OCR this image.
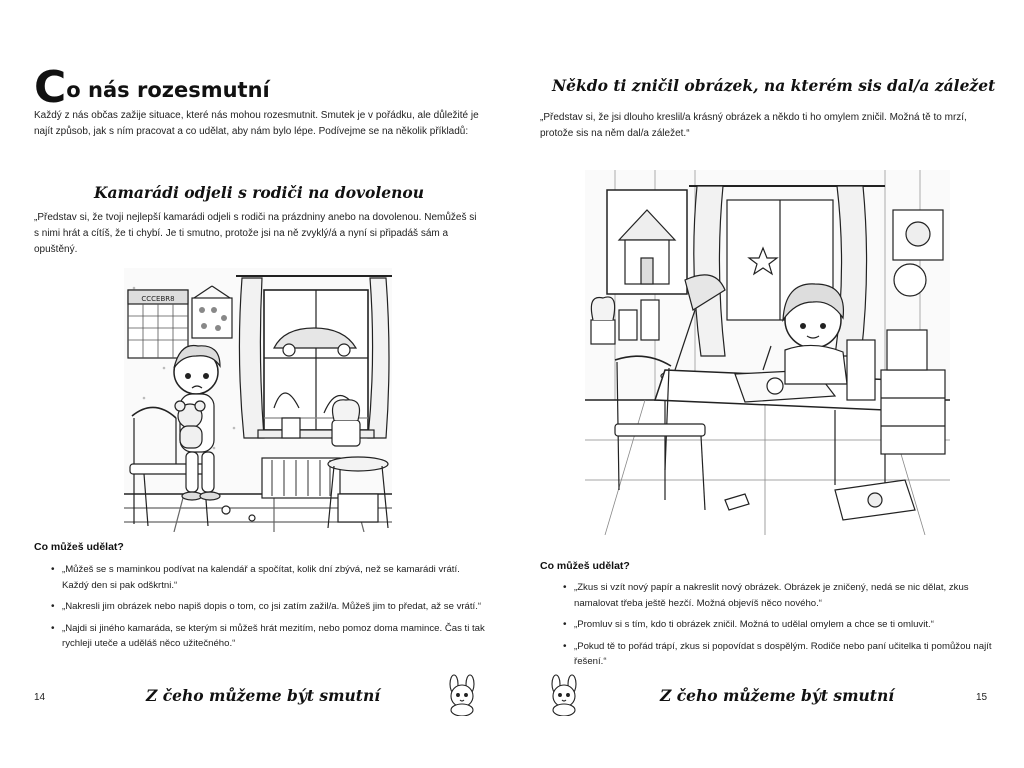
Co nás rozesmutní
Každý z nás občas zažije situace, které nás mohou rozesmutnit. Smutek je v pořádku, ale důležité je najít způsob, jak s ním pracovat a co udělat, aby nám bylo lépe. Podívejme se na několik příkladů:
Kamarádi odjeli s rodiči na dovolenou
„Představ si, že tvoji nejlepší kamarádi odjeli s rodiči na prázdniny anebo na dovolenou. Nemůžeš si s nimi hrát a cítíš, že ti chybí. Je ti smutno, protože jsi na ně zvyklý/á a nyní si připadáš sám a opuštěný.
CCCEBR8
Co můžeš udělat?
• „Můžeš se s maminkou podívat na kalendář a spočítat, kolik dní zbývá, než se kamarádi vrátí. Každý den si pak odškrtni.“
• „Nakresli jim obrázek nebo napiš dopis o tom, co jsi zatím zažil/a. Můžeš jim to předat, až se vrátí.“
• „Najdi si jiného kamaráda, se kterým si můžeš hrát mezitím, nebo pomoz doma mamince. Čas ti tak rychleji uteče a uděláš něco užitečného.“
14	Z čeho můžeme být smutní
Někdo ti zničil obrázek, na kterém sis dal/a záležet
„Představ si, že jsi dlouho kreslil/a krásný obrázek a někdo ti ho omylem zničil. Možná tě to mrzí, protože sis na něm dal/a záležet.“
Co můžeš udělat?
• „Zkus si vzít nový papír a nakreslit nový obrázek. Obrázek je zničený, nedá se nic dělat, zkus namalovat třeba ještě hezčí. Možná objevíš něco nového.“
• „Promluv si s tím, kdo ti obrázek zničil. Možná to udělal omylem a chce se ti omluvit.“
• „Pokud tě to pořád trápí, zkus si popovídat s dospělým. Rodiče nebo paní učitelka ti pomůžou najít řešení.“
Z čeho můžeme být smutní	15
